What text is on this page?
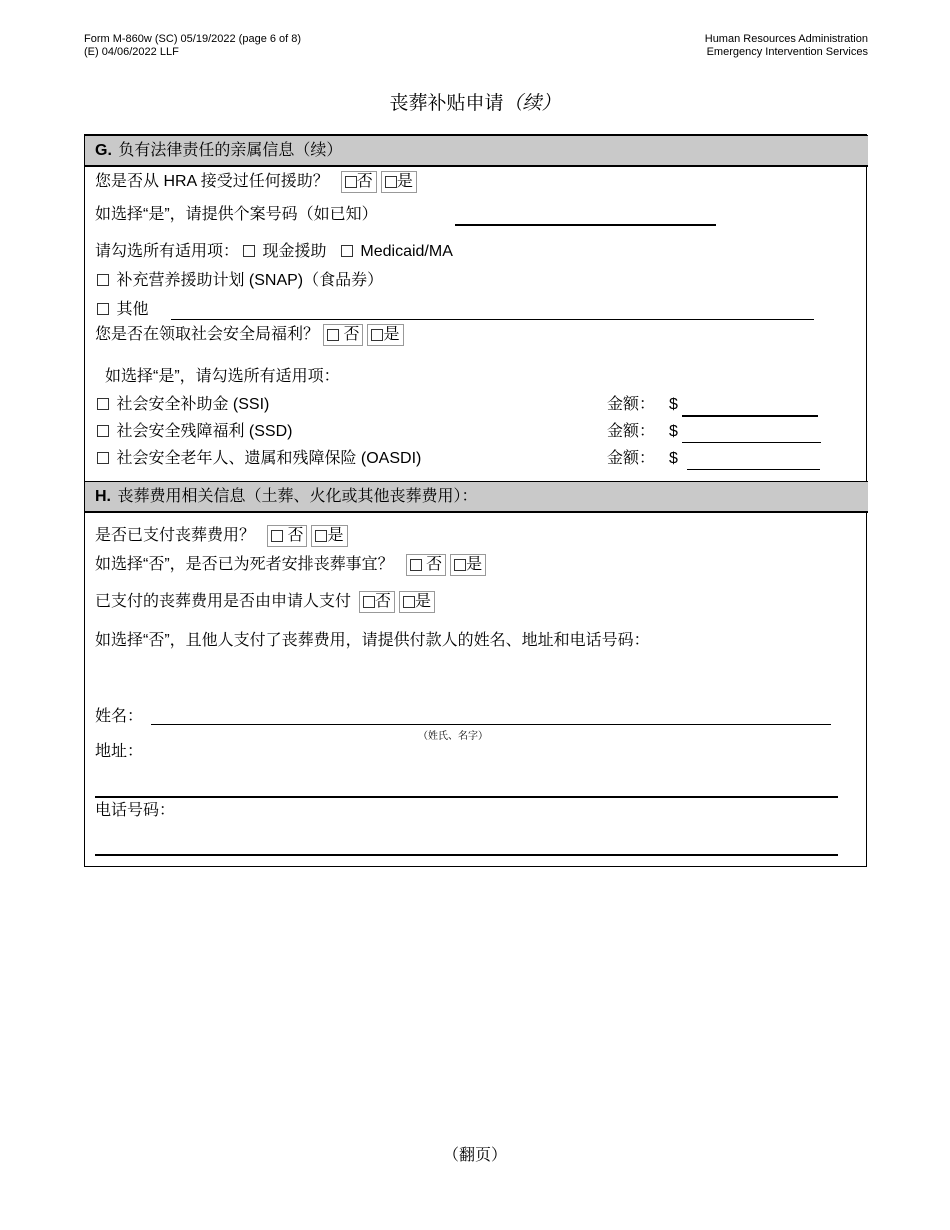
Form M-860w (SC) 05/19/2022 (page 6 of 8)
(E) 04/06/2022 LLF
Human Resources Administration
Emergency Intervention Services
丧葬补贴申请（续）
G. 负有法律责任的亲属信息（续）
您是否从 HRA 接受过任何援助？ 否 是
如选择“是”，请提供个案号码（如已知）
请勾选所有适用项： 现金援助 Medicaid/MA
补充营养援助计划 (SNAP)（食品券）
其他
您是否在领取社会安全局福利？ 否 是
如选择“是”，请勾选所有适用项：
社会安全补助金 (SSI)	金额： $
社会安全残障福利 (SSD)	金额： $
社会安全老年人、遗属和残障保险 (OASDI)	金额： $
H. 丧葬费用相关信息（土葬、火化或其他丧葬费用）：
是否已支付丧葬费用？ 否 是
如选择“否”，是否已为死者安排丧葬事宜？ 否 是
已支付的丧葬费用是否由申请人支付 否 是
如选择“否”，且他人支付了丧葬费用，请提供付款人的姓名、地址和电话号码：
姓名：
（姓氏、名字）
地址：
电话号码：
（翻页）
